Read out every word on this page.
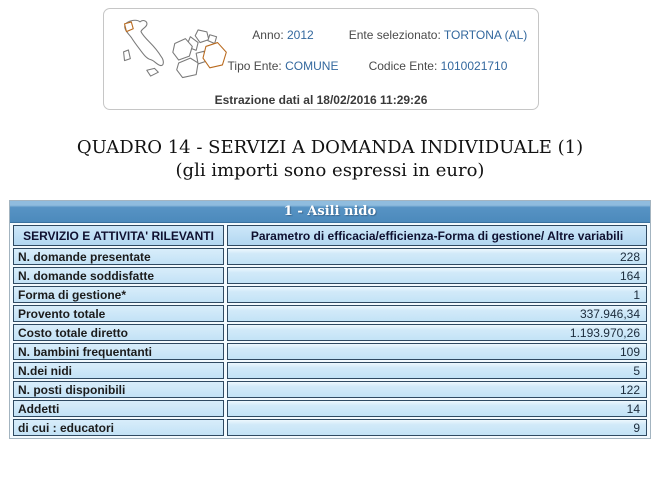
Anno: 2012	Ente selezionato: TORTONA (AL)
Tipo Ente: COMUNE	Codice Ente: 1010021710
Estrazione dati al 18/02/2016 11:29:26
QUADRO 14 - SERVIZI A DOMANDA INDIVIDUALE (1)
(gli importi sono espressi in euro)
1 - Asili nido
SERVIZIO E ATTIVITA' RILEVANTI	Parametro di efficacia/efficienza-Forma di gestione/ Altre variabili
N. domande presentate	228
N. domande soddisfatte	164
Forma di gestione*	1
Provento totale	337.946,34
Costo totale diretto	1.193.970,26
N. bambini frequentanti	109
N.dei nidi	5
N. posti disponibili	122
Addetti	14
di cui : educatori	9
